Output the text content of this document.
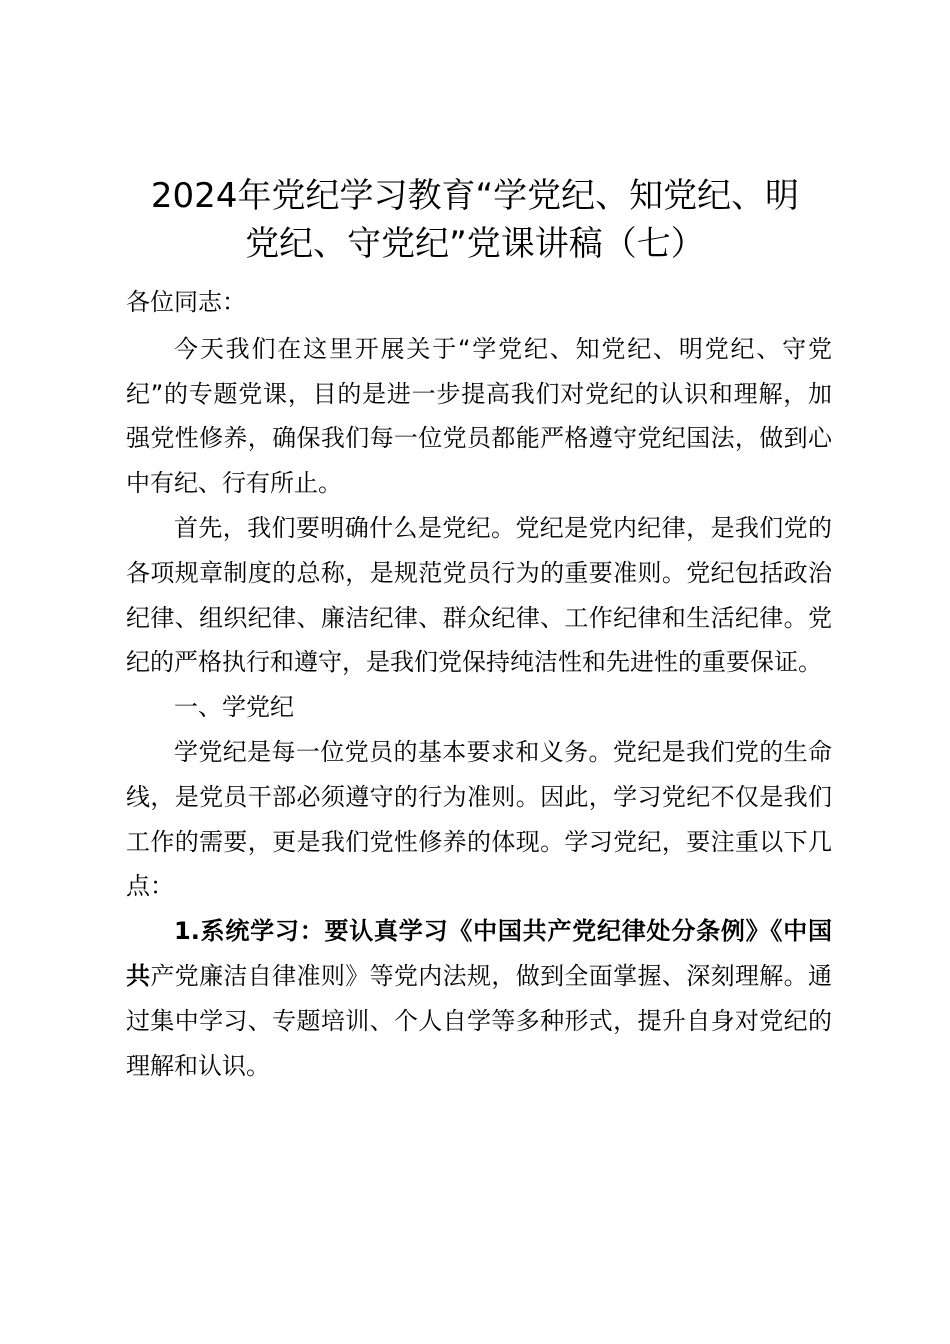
2024年党纪学习教育“学党纪、知党纪、明
党纪、守党纪”党课讲稿（七）

各位同志：

今天我们在这里开展关于“学党纪、知党纪、明党纪、守党纪”的专题党课，目的是进一步提高我们对党纪的认识和理解，加强党性修养，确保我们每一位党员都能严格遵守党纪国法，做到心中有纪、行有所止。

首先，我们要明确什么是党纪。党纪是党内纪律，是我们党的各项规章制度的总称，是规范党员行为的重要准则。党纪包括政治纪律、组织纪律、廉洁纪律、群众纪律、工作纪律和生活纪律。党纪的严格执行和遵守，是我们党保持纯洁性和先进性的重要保证。

一、学党纪

学党纪是每一位党员的基本要求和义务。党纪是我们党的生命线，是党员干部必须遵守的行为准则。因此，学习党纪不仅是我们工作的需要，更是我们党性修养的体现。学习党纪，要注重以下几点：

1.系统学习：要认真学习《中国共产党纪律处分条例》《中国共产党廉洁自律准则》等党内法规，做到全面掌握、深刻理解。通过集中学习、专题培训、个人自学等多种形式，提升自身对党纪的理解和认识。
